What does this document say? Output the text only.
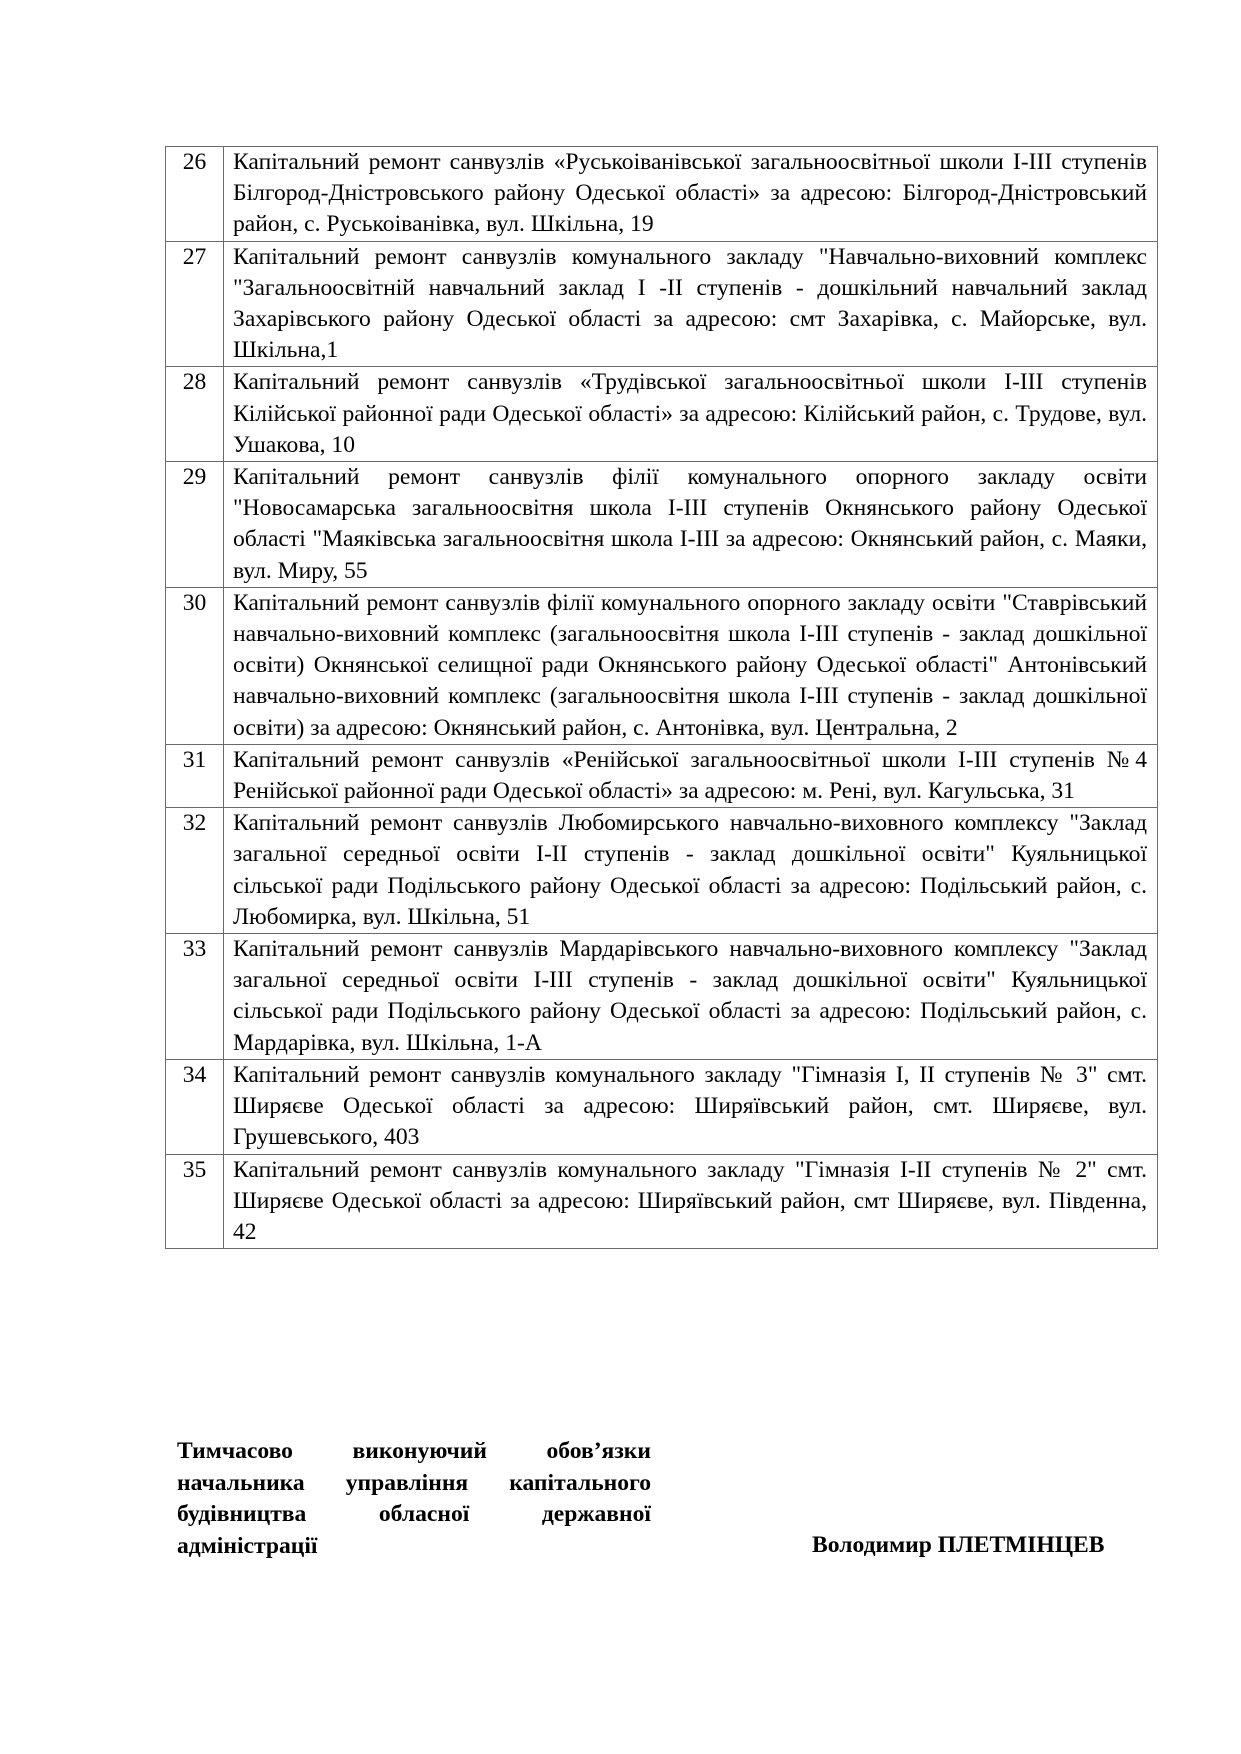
26	Капітальний ремонт санвузлів «Руськоіванівської загальноосвітньої школи I-III ступенів Білгород-Дністровського району Одеської області» за адресою: Білгород-Дністровський район, с. Руськоіванівка, вул. Шкільна, 19
27	Капітальний ремонт санвузлів комунального закладу "Навчально-виховний комплекс "Загальноосвітній навчальний заклад I -II ступенів - дошкільний навчальний заклад Захарівського району Одеської області за адресою: смт Захарівка, с. Майорське, вул. Шкільна,1
28	Капітальний ремонт санвузлів «Трудівської загальноосвітньої школи I-III ступенів Кілійської районної ради Одеської області» за адресою: Кілійський район, с. Трудове, вул. Ушакова, 10
29	Капітальний ремонт санвузлів філії комунального опорного закладу освіти "Новосамарська загальноосвітня школа I-III ступенів Окнянського району Одеської області "Маяківська загальноосвітня школа I-III за адресою: Окнянський район, с. Маяки, вул. Миру, 55
30	Капітальний ремонт санвузлів філії комунального опорного закладу освіти "Ставрівський навчально-виховний комплекс (загальноосвітня школа I-III ступенів - заклад дошкільної освіти) Окнянської селищної ради Окнянського району Одеської області" Антонівський навчально-виховний комплекс (загальноосвітня школа I-III ступенів - заклад дошкільної освіти) за адресою: Окнянський район, с. Антонівка, вул. Центральна, 2
31	Капітальний ремонт санвузлів «Ренійської загальноосвітньої школи I-III ступенів №4 Ренійської районної ради Одеської області» за адресою: м. Рені, вул. Кагульська, 31
32	Капітальний ремонт санвузлів Любомирського навчально-виховного комплексу "Заклад загальної середньої освіти I-II ступенів - заклад дошкільної освіти" Куяльницької сільської ради Подільського району Одеської області за адресою: Подільський район, с. Любомирка, вул. Шкільна, 51
33	Капітальний ремонт санвузлів Мардарівського навчально-виховного комплексу "Заклад загальної середньої освіти I-III ступенів - заклад дошкільної освіти" Куяльницької сільської ради Подільського району Одеської області за адресою: Подільський район, с. Мардарівка, вул. Шкільна, 1-А
34	Капітальний ремонт санвузлів комунального закладу "Гімназія I, II ступенів № 3" смт. Ширяєве Одеської області за адресою: Ширяївський район, смт. Ширяєве, вул. Грушевського, 403
35	Капітальний ремонт санвузлів комунального закладу "Гімназія I-II ступенів № 2" смт. Ширяєве Одеської області за адресою: Ширяївський район, смт Ширяєве, вул. Південна, 42
Тимчасово виконуючий обов’язки начальника управління капітального будівництва обласної державної адміністрації	Володимир ПЛЕТМІНЦЕВ
